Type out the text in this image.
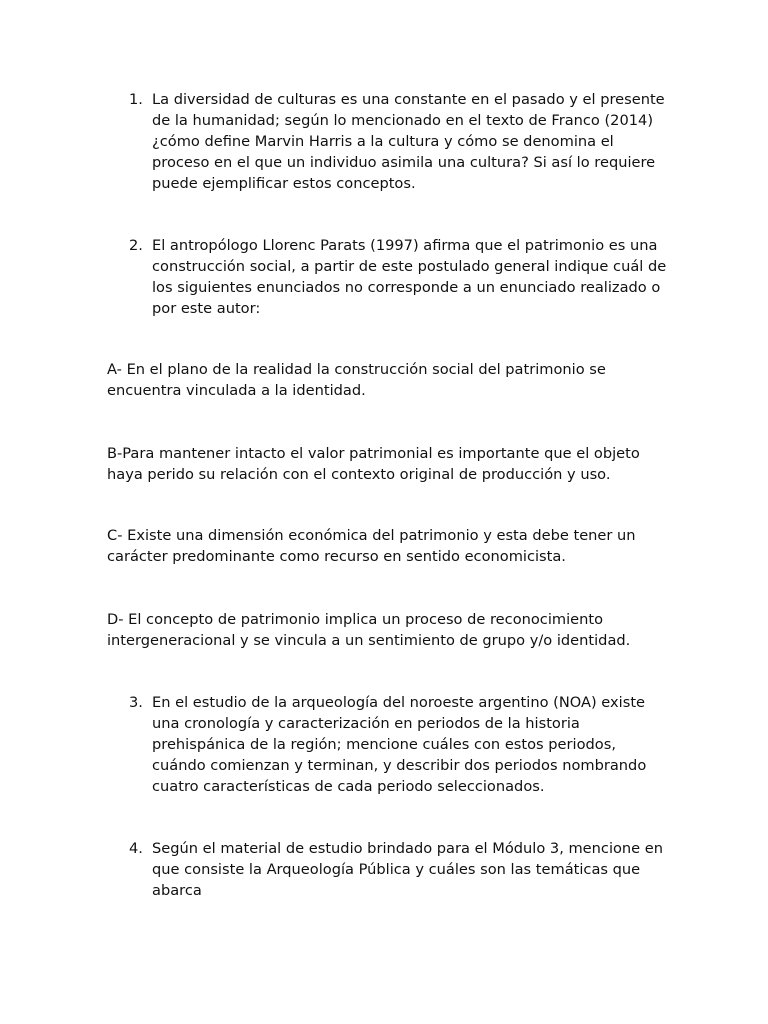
1. La diversidad de culturas es una constante en el pasado y el presente de la humanidad; según lo mencionado en el texto de Franco (2014) ¿cómo define Marvin Harris a la cultura y cómo se denomina el proceso en el que un individuo asimila una cultura? Si así lo requiere puede ejemplificar estos conceptos.
2. El antropólogo Llorenc Parats (1997) afirma que el patrimonio es una construcción social, a partir de este postulado general indique cuál de los siguientes enunciados no corresponde a un enunciado realizado o por este autor:
A- En el plano de la realidad la construcción social del patrimonio se encuentra vinculada a la identidad.
B-Para mantener intacto el valor patrimonial es importante que el objeto haya perido su relación con el contexto original de producción y uso.
C- Existe una dimensión económica del patrimonio y esta debe tener un carácter predominante como recurso en sentido economicista.
D- El concepto de patrimonio implica un proceso de reconocimiento intergeneracional y se vincula a un sentimiento de grupo y/o identidad.
3. En el estudio de la arqueología del noroeste argentino (NOA) existe una cronología y caracterización en periodos de la historia prehispánica de la región; mencione cuáles con estos periodos, cuándo comienzan y terminan, y describir dos periodos nombrando cuatro características de cada periodo seleccionados.
4. Según el material de estudio brindado para el Módulo 3, mencione en que consiste la Arqueología Pública y cuáles son las temáticas que abarca
